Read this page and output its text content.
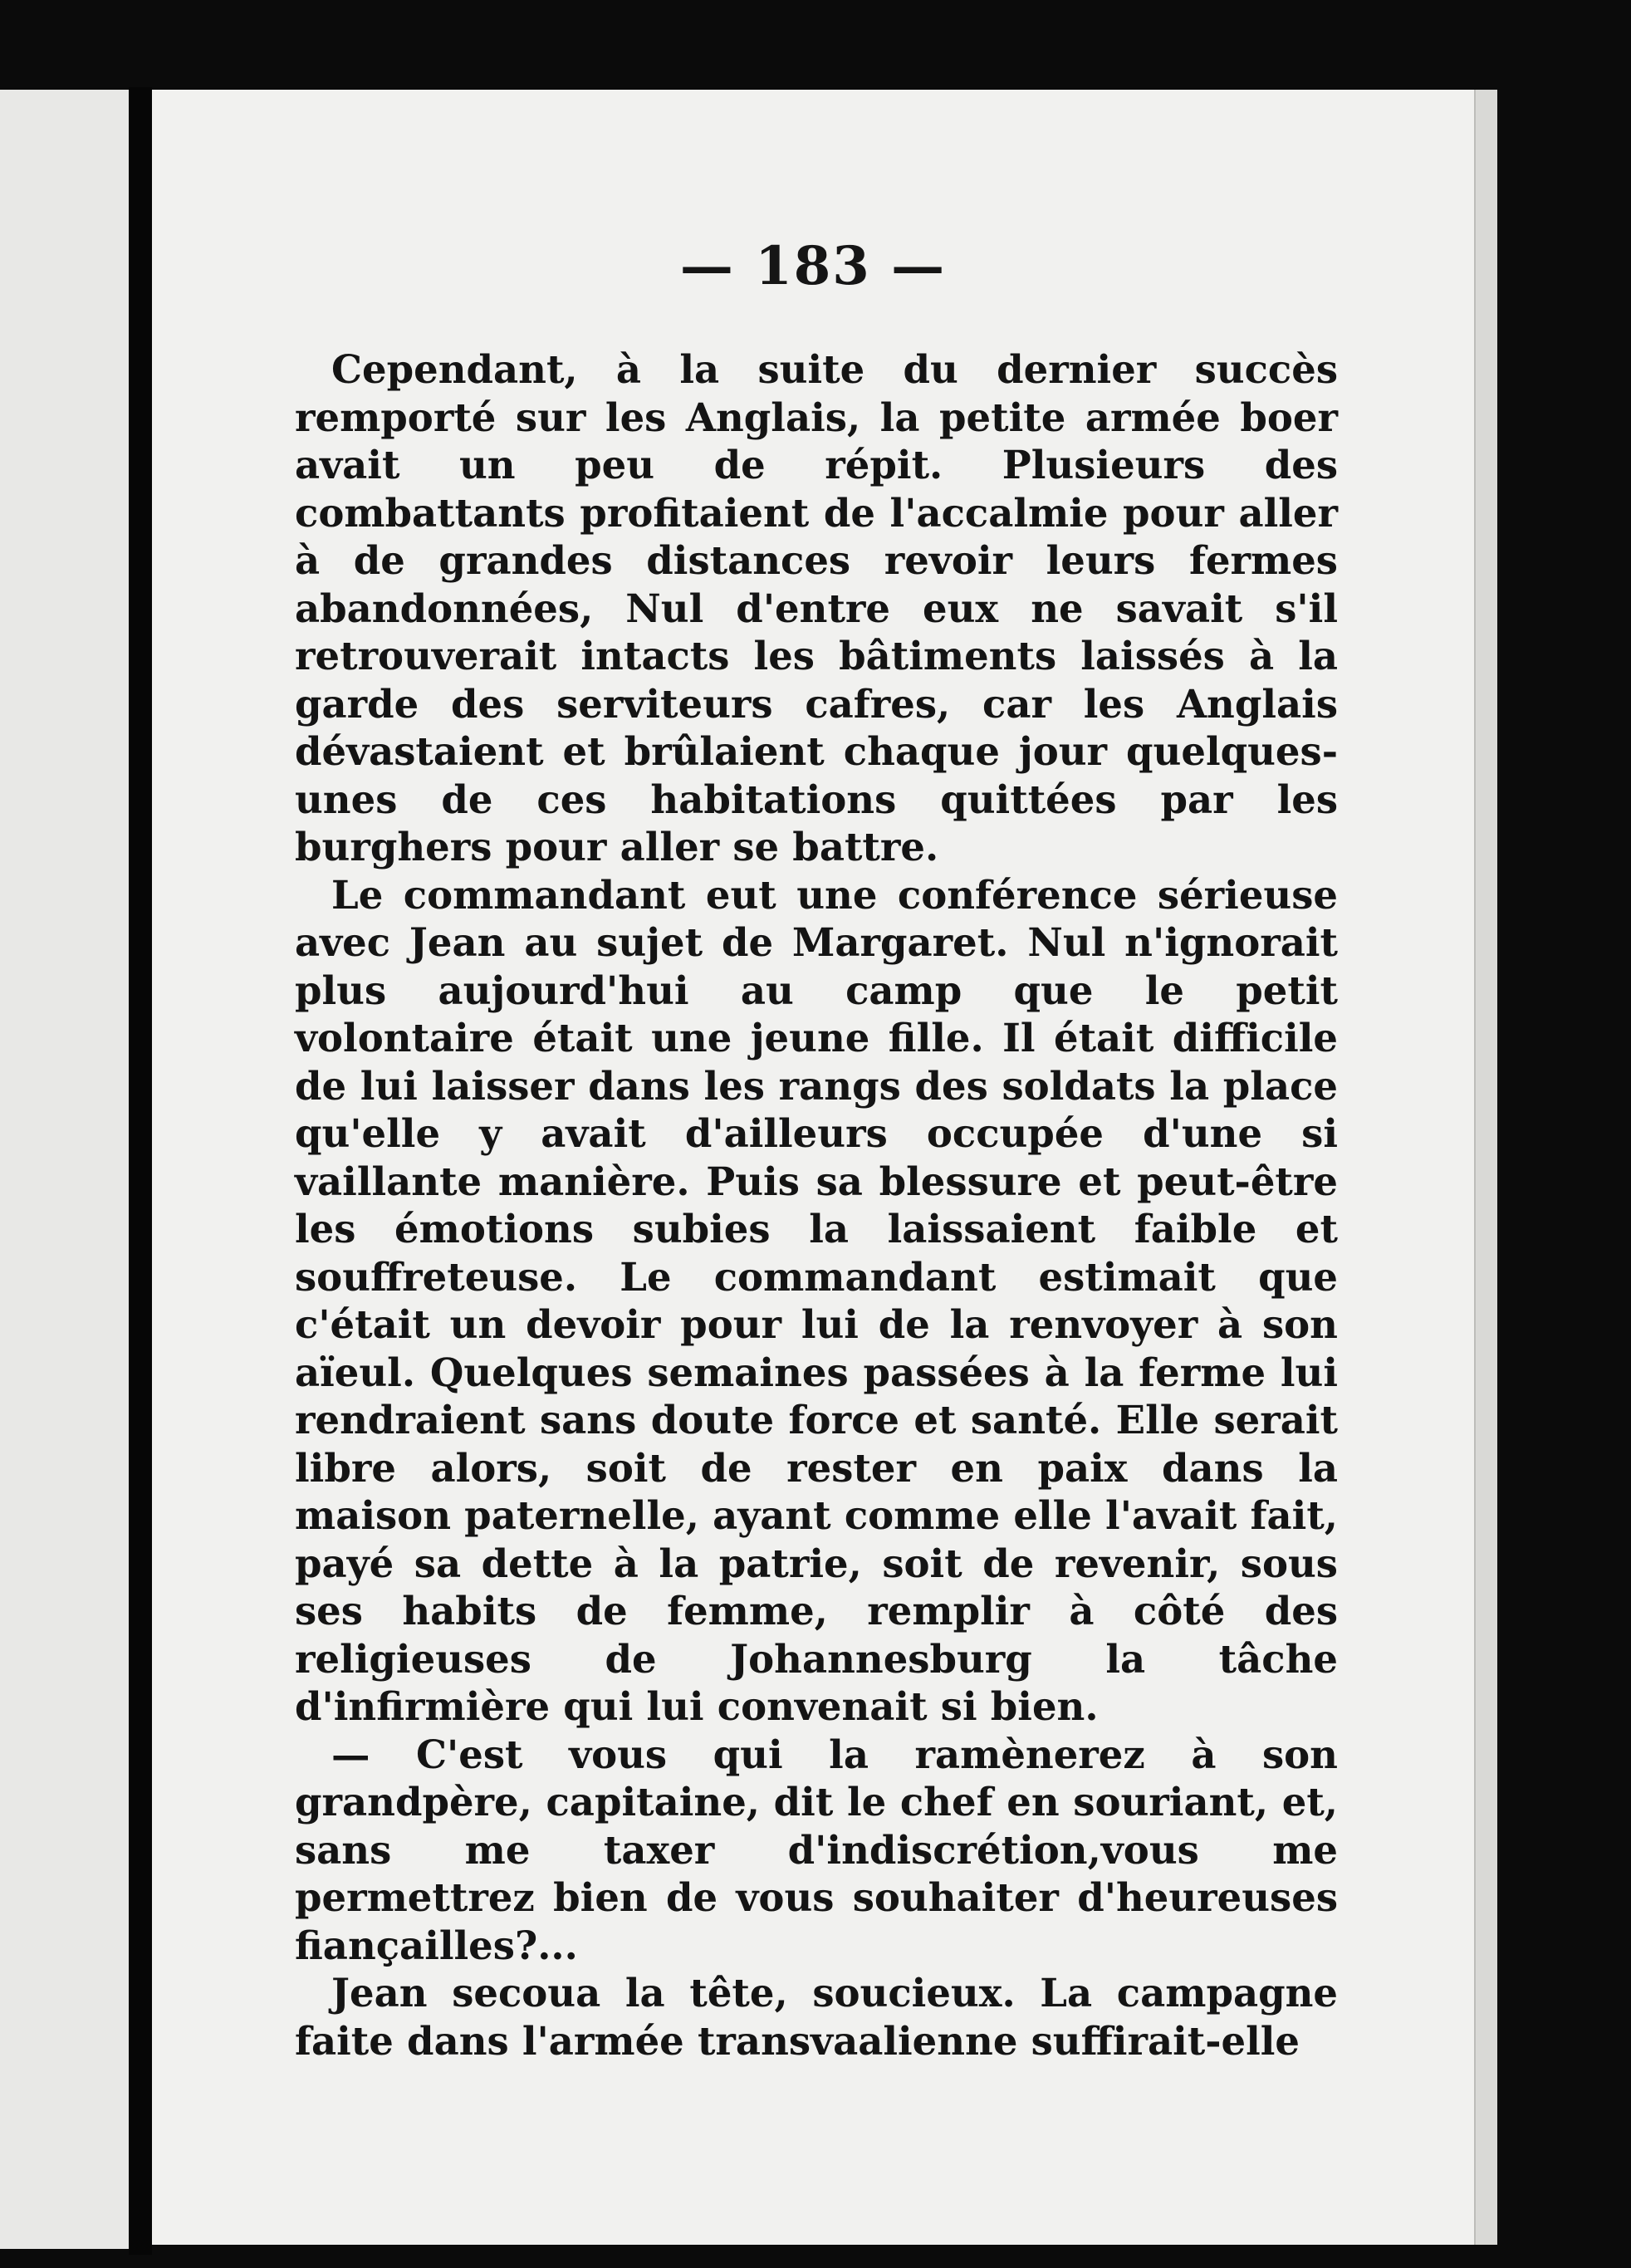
— 183 —

Cependant, à la suite du dernier succès remporté sur les Anglais, la petite armée boer avait un peu de répit. Plusieurs des combattants profitaient de l'accalmie pour aller à de grandes distances revoir leurs fermes abandonnées, Nul d'entre eux ne savait s'il retrouverait intacts les bâtiments laissés à la garde des serviteurs cafres, car les Anglais dévastaient et brûlaient chaque jour quelques-unes de ces habitations quittées par les burghers pour aller se battre.

Le commandant eut une conférence sérieuse avec Jean au sujet de Margaret. Nul n'ignorait plus aujourd'hui au camp que le petit volontaire était une jeune fille. Il était difficile de lui laisser dans les rangs des soldats la place qu'elle y avait d'ailleurs occupée d'une si vaillante manière. Puis sa blessure et peut-être les émotions subies la laissaient faible et souffreteuse. Le commandant estimait que c'était un devoir pour lui de la renvoyer à son aïeul. Quelques semaines passées à la ferme lui rendraient sans doute force et santé. Elle serait libre alors, soit de rester en paix dans la maison paternelle, ayant comme elle l'avait fait, payé sa dette à la patrie, soit de revenir, sous ses habits de femme, remplir à côté des religieuses de Johannesburg la tâche d'infirmière qui lui convenait si bien.

— C'est vous qui la ramènerez à son grandpère, capitaine, dit le chef en souriant, et, sans me taxer d'indiscrétion,vous me permettrez bien de vous souhaiter d'heureuses fiançailles?...

Jean secoua la tête, soucieux. La campagne faite dans l'armée transvaalienne suffirait-elle
